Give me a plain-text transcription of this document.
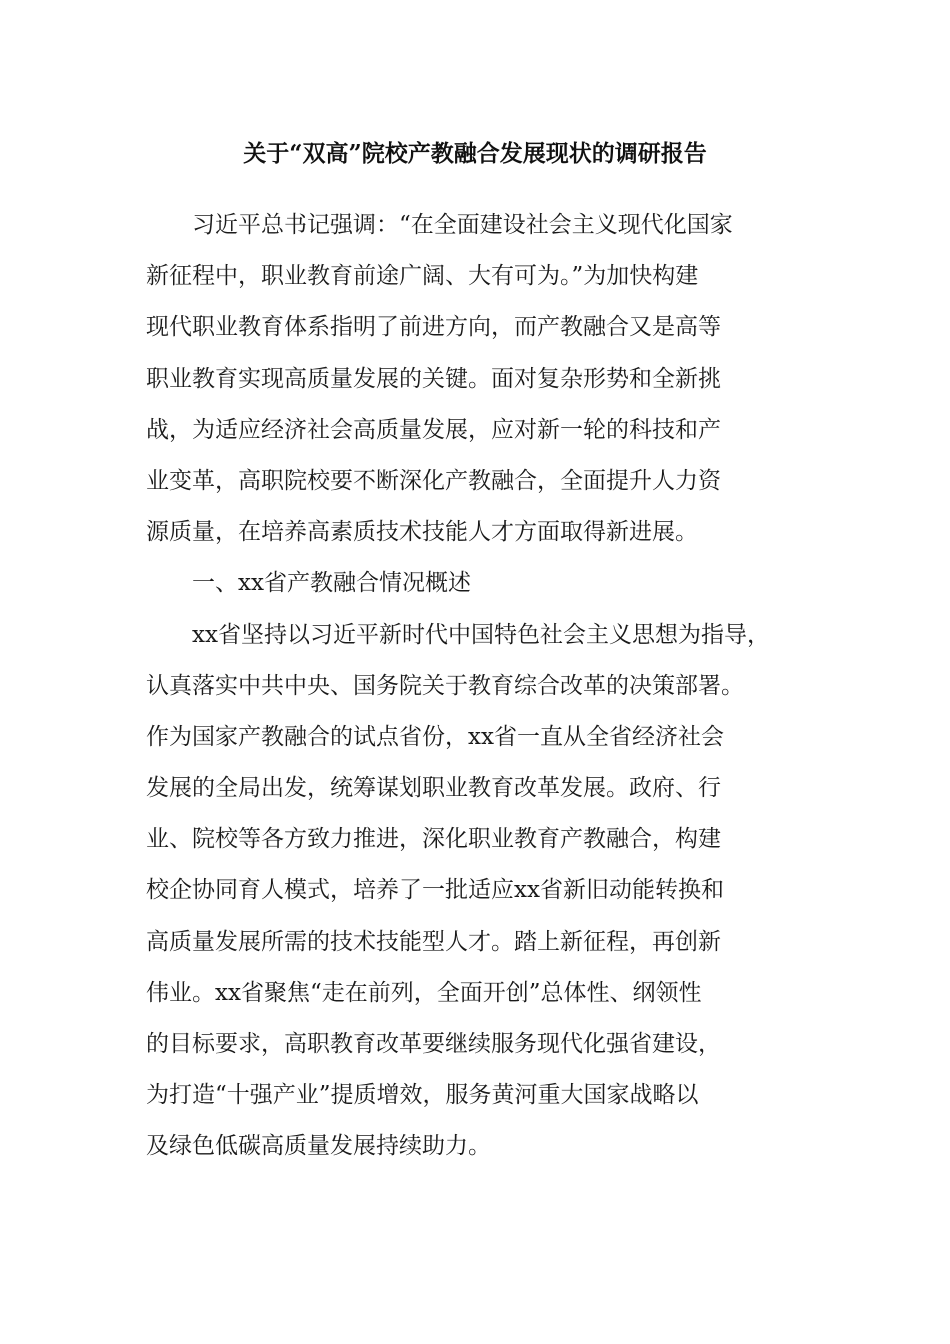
关于“双高”院校产教融合发展现状的调研报告
习近平总书记强调：“在全面建设社会主义现代化国家
新征程中，职业教育前途广阔、大有可为。”为加快构建
现代职业教育体系指明了前进方向，而产教融合又是高等
职业教育实现高质量发展的关键。面对复杂形势和全新挑
战，为适应经济社会高质量发展，应对新一轮的科技和产
业变革，高职院校要不断深化产教融合，全面提升人力资
源质量，在培养高素质技术技能人才方面取得新进展。
一、xx省产教融合情况概述
xx省坚持以习近平新时代中国特色社会主义思想为指导，
认真落实中共中央、国务院关于教育综合改革的决策部署。
作为国家产教融合的试点省份，xx省一直从全省经济社会
发展的全局出发，统筹谋划职业教育改革发展。政府、行
业、院校等各方致力推进，深化职业教育产教融合，构建
校企协同育人模式，培养了一批适应xx省新旧动能转换和
高质量发展所需的技术技能型人才。踏上新征程，再创新
伟业。xx省聚焦“走在前列，全面开创”总体性、纲领性
的目标要求，高职教育改革要继续服务现代化强省建设，
为打造“十强产业”提质增效，服务黄河重大国家战略以
及绿色低碳高质量发展持续助力。
